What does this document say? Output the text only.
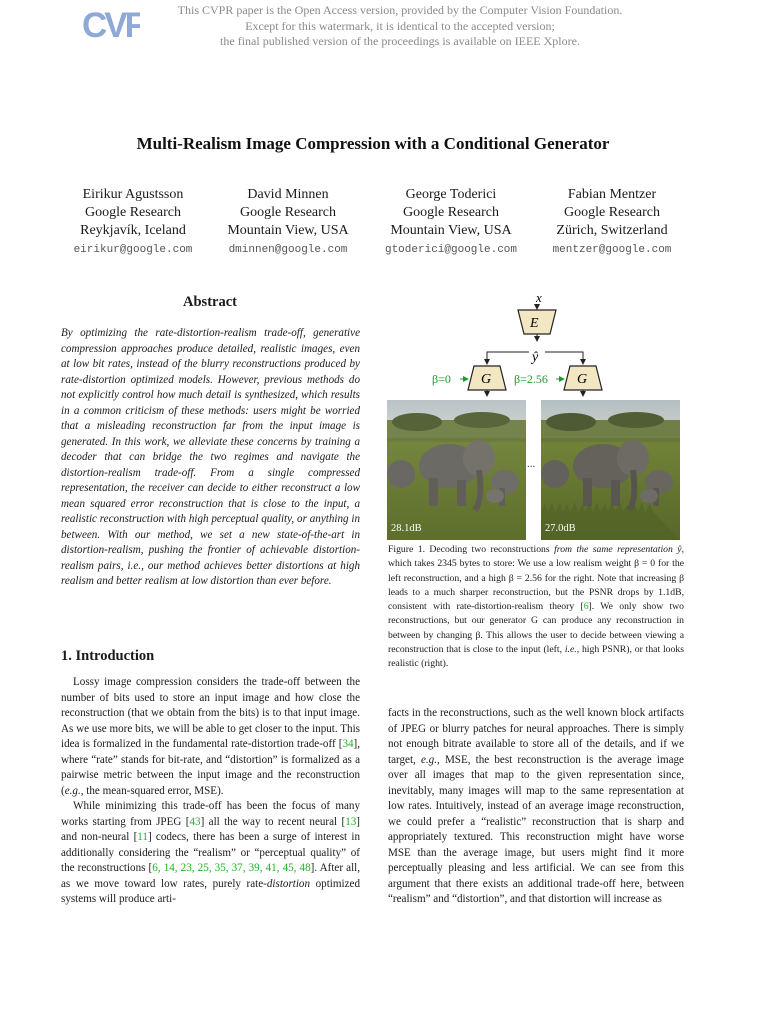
CVF	This CVPR paper is the Open Access version, provided by the Computer Vision Foundation.
Except for this watermark, it is identical to the accepted version;
the final published version of the proceedings is available on IEEE Xplore.
Multi-Realism Image Compression with a Conditional Generator
Eirikur Agustsson
Google Research
Reykjavík, Iceland
eirikur@google.com
David Minnen
Google Research
Mountain View, USA
dminnen@google.com
George Toderici
Google Research
Mountain View, USA
gtoderici@google.com
Fabian Mentzer
Google Research
Zürich, Switzerland
mentzer@google.com
Abstract
By optimizing the rate-distortion-realism trade-off, generative compression approaches produce detailed, realistic images, even at low bit rates, instead of the blurry reconstructions produced by rate-distortion optimized models. However, previous methods do not explicitly control how much detail is synthesized, which results in a common criticism of these methods: users might be worried that a misleading reconstruction far from the input image is generated. In this work, we alleviate these concerns by training a decoder that can bridge the two regimes and navigate the distortion-realism trade-off. From a single compressed representation, the receiver can decide to either reconstruct a low mean squared error reconstruction that is close to the input, a realistic reconstruction with high perceptual quality, or anything in between. With our method, we set a new state-of-the-art in distortion-realism, pushing the frontier of achievable distortion-realism pairs, i.e., our method achieves better distortions at high realism and better realism at low distortion than ever before.
1. Introduction

Lossy image compression considers the trade-off between the number of bits used to store an input image and how close the reconstruction (that we obtain from the bits) is to that input image. As we use more bits, we will be able to get closer to the input. This idea is formalized in the fundamental rate-distortion trade-off [34], where “rate” stands for bit-rate, and “distortion” is formalized as a pairwise metric between the input image and the reconstruction (e.g., the mean-squared error, MSE).

While minimizing this trade-off has been the focus of many works starting from JPEG [43] all the way to recent neural [13] and non-neural [11] codecs, there has been a surge of interest in additionally considering the “realism” or “perceptual quality” of the reconstructions [6, 14, 23, 25, 35, 37, 39, 41, 45, 48]. After all, as we move toward low rates, purely rate-distortion optimized systems will produce arti-

x
E
ŷ
β=0 G β=2.56 G
28.1dB
...
27.0dB
Figure 1. Decoding two reconstructions from the same representation ŷ, which takes 2345 bytes to store: We use a low realism weight β = 0 for the left reconstruction, and a high β = 2.56 for the right. Note that increasing β leads to a much sharper reconstruction, but the PSNR drops by 1.1dB, consistent with rate-distortion-realism theory [6]. We only show two reconstructions, but our generator G can produce any reconstruction in between by changing β. This allows the user to decide between viewing a reconstruction that is close to the input (left, i.e., high PSNR), or that looks realistic (right).

facts in the reconstructions, such as the well known block artifacts of JPEG or blurry patches for neural approaches. There is simply not enough bitrate available to store all of the details, and if we target, e.g., MSE, the best reconstruction is the average image over all images that map to the given representation since, inevitably, many images will map to the same representation at low rates. Intuitively, instead of an average image reconstruction, we could prefer a “realistic” reconstruction that is sharp and appropriately textured. This reconstruction might have worse MSE than the average image, but users might find it more perceptually pleasing and less artificial. We can see from this argument that there exists an additional trade-off here, between “realism” and “distortion”, and that distortion will increase as
